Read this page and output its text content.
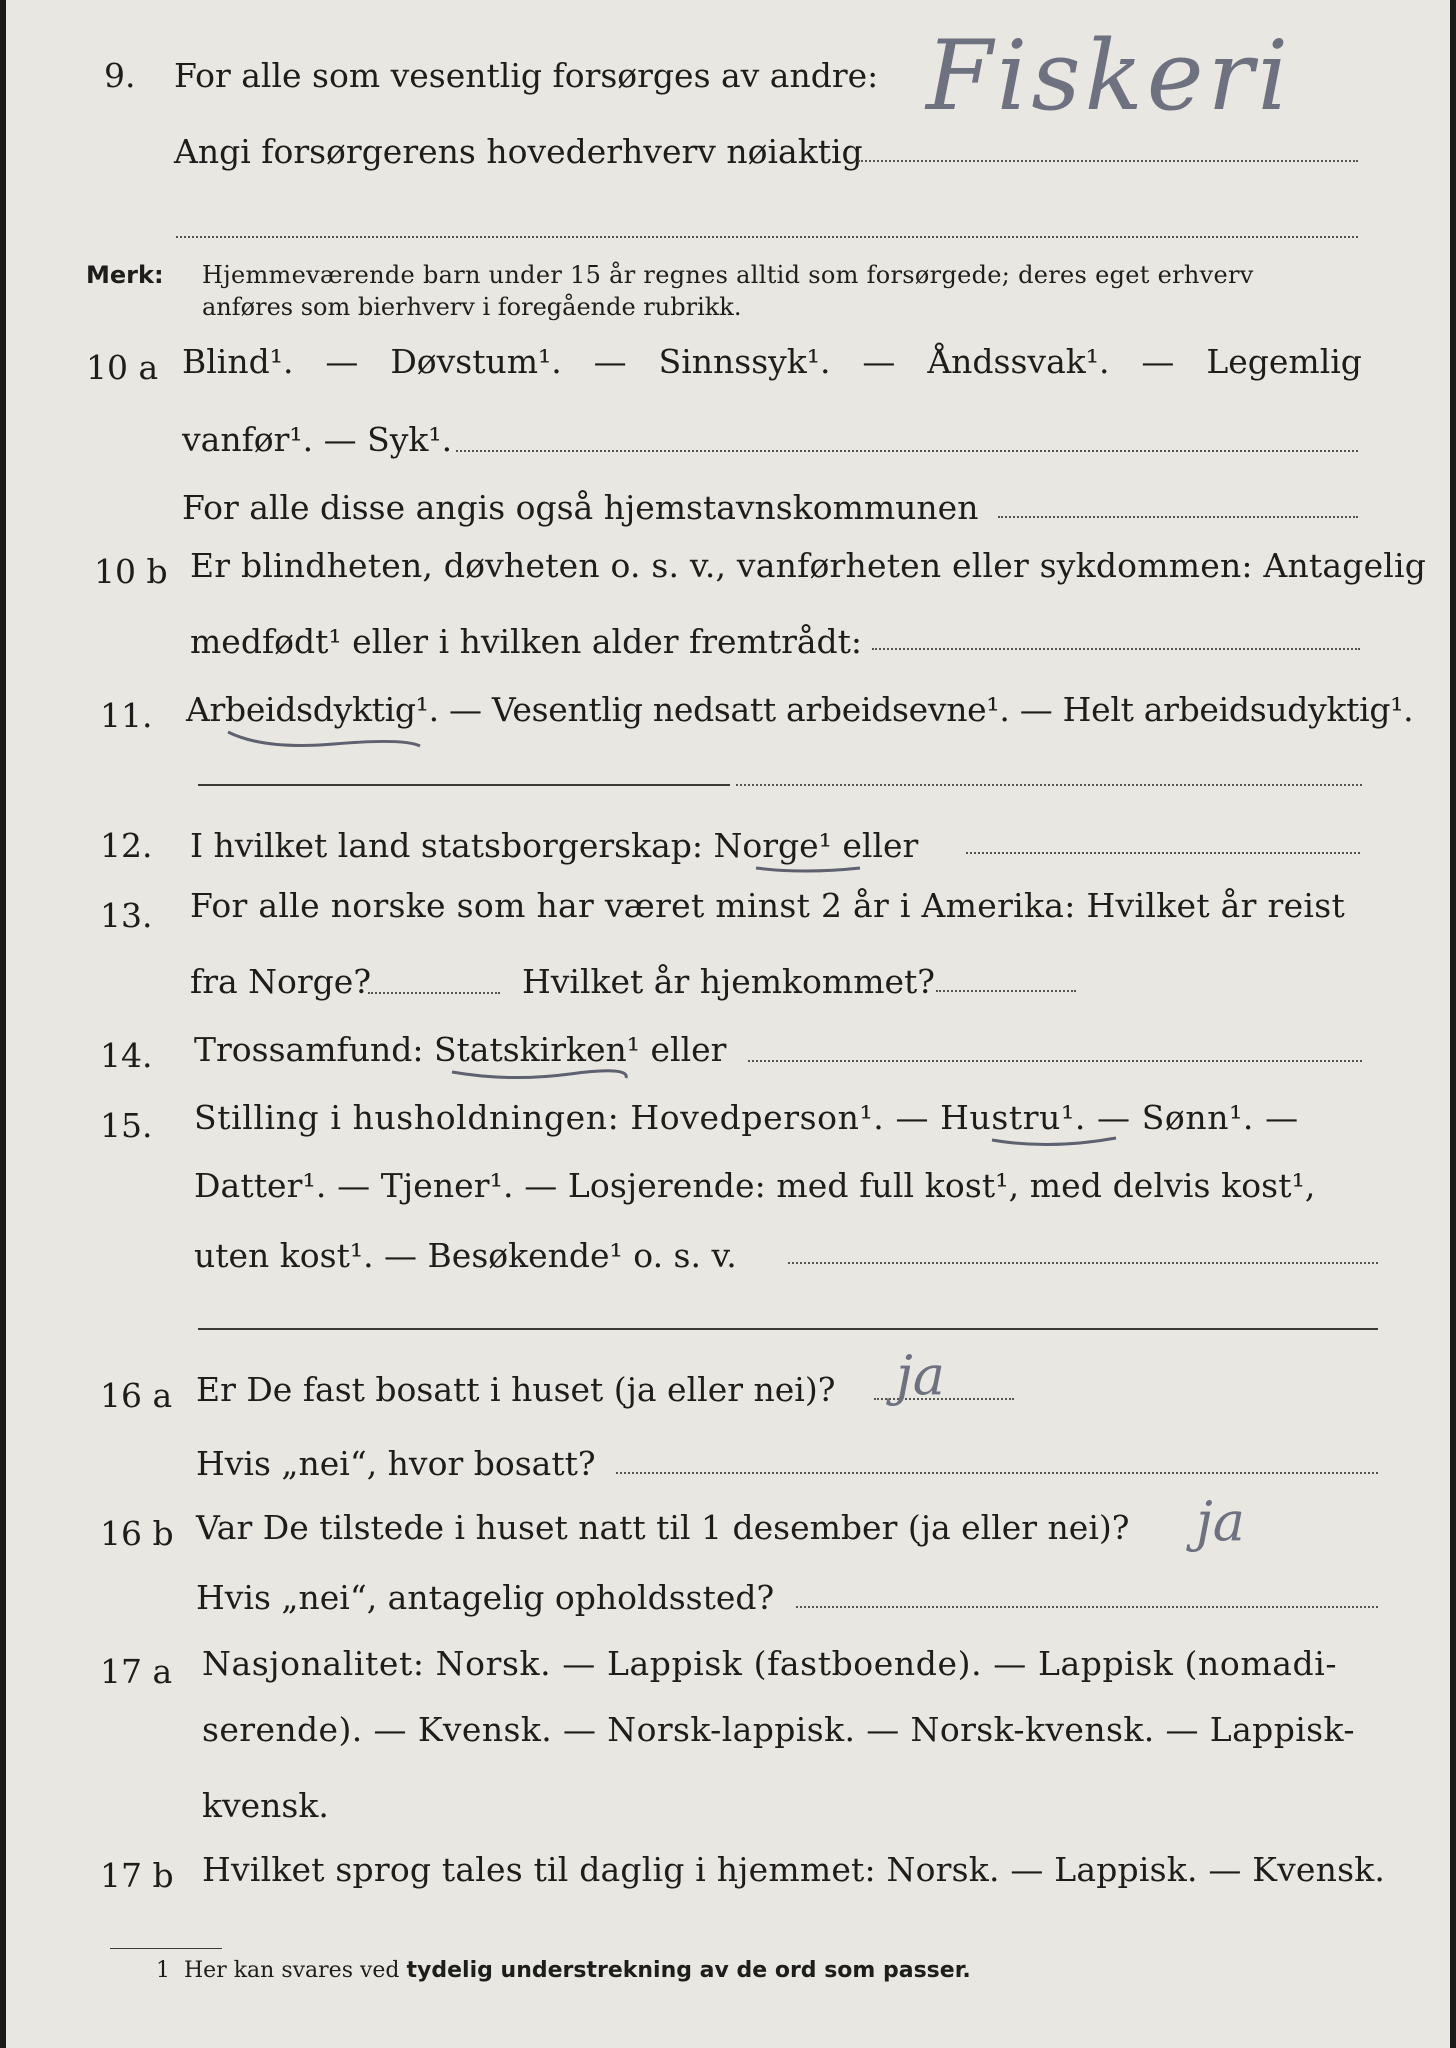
9. For alle som vesentlig forsørges av andre:
Angi forsørgerens hovederhverv nøiaktig
Fiskeri
Merk: Hjemmeværende barn under 15 år regnes alltid som forsørgede; deres eget erhverv
anføres som bierhverv i foregående rubrikk.
10 a Blind¹. — Døvstum¹. — Sinnssyk¹. — Åndssvak¹. — Legemlig
vanfør¹. — Syk¹.
For alle disse angis også hjemstavnskommunen
10 b Er blindheten, døvheten o. s. v., vanførheten eller sykdommen: Antagelig
medfødt¹ eller i hvilken alder fremtrådt:
11. Arbeidsdyktig¹. — Vesentlig nedsatt arbeidsevne¹. — Helt arbeidsudyktig¹.
12. I hvilket land statsborgerskap: Norge¹ eller
13. For alle norske som har været minst 2 år i Amerika: Hvilket år reist
fra Norge?	Hvilket år hjemkommet?
14. Trossamfund: Statskirken¹ eller
15. Stilling i husholdningen: Hovedperson¹. — Hustru¹. — Sønn¹. —
Datter¹. — Tjener¹. — Losjerende: med full kost¹, med delvis kost¹,
uten kost¹. — Besøkende¹ o. s. v.
16 a Er De fast bosatt i huset (ja eller nei)? ja
Hvis „nei“, hvor bosatt?
16 b Var De tilstede i huset natt til 1 desember (ja eller nei)? ja
Hvis „nei“, antagelig opholdssted?
17 a Nasjonalitet: Norsk. — Lappisk (fastboende). — Lappisk (nomadi-
serende). — Kvensk. — Norsk-lappisk. — Norsk-kvensk. — Lappisk-
kvensk.
17 b Hvilket sprog tales til daglig i hjemmet: Norsk. — Lappisk. — Kvensk.
1 Her kan svares ved tydelig understrekning av de ord som passer.
